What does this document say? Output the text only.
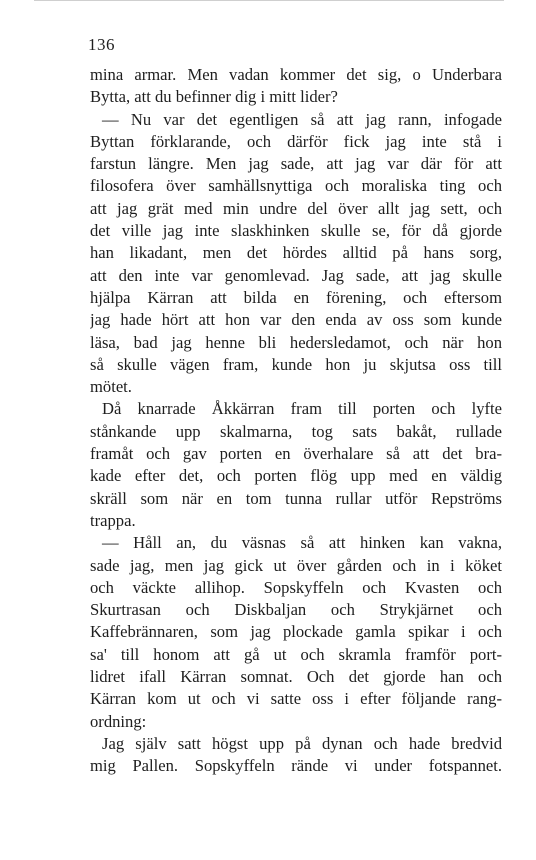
136
mina armar. Men vadan kommer det sig, o Underbara
Bytta, att du befinner dig i mitt lider?
— Nu var det egentligen så att jag rann, infogade
Byttan förklarande, och därför fick jag inte stå i
farstun längre. Men jag sade, att jag var där för att
filosofera över samhällsnyttiga och moraliska ting och
att jag grät med min undre del över allt jag sett, och
det ville jag inte slaskhinken skulle se, för då gjorde
han likadant, men det hördes alltid på hans sorg,
att den inte var genomlevad. Jag sade, att jag skulle
hjälpa Kärran att bilda en förening, och eftersom
jag hade hört att hon var den enda av oss som kunde
läsa, bad jag henne bli hedersledamot, och när hon
så skulle vägen fram, kunde hon ju skjutsa oss till
mötet.
Då knarrade Åkkärran fram till porten och lyfte
stånkande upp skalmarna, tog sats bakåt, rullade
framåt och gav porten en överhalare så att det bra-
kade efter det, och porten flög upp med en väldig
skräll som när en tom tunna rullar utför Repströms
trappa.
— Håll an, du väsnas så att hinken kan vakna,
sade jag, men jag gick ut över gården och in i köket
och väckte allihop. Sopskyffeln och Kvasten och
Skurtrasan och Diskbaljan och Strykjärnet och
Kaffebrännaren, som jag plockade gamla spikar i och
sa' till honom att gå ut och skramla framför port-
lidret ifall Kärran somnat. Och det gjorde han och
Kärran kom ut och vi satte oss i efter följande rang-
ordning:
Jag själv satt högst upp på dynan och hade bredvid
mig Pallen. Sopskyffeln rände vi under fotspannet.
